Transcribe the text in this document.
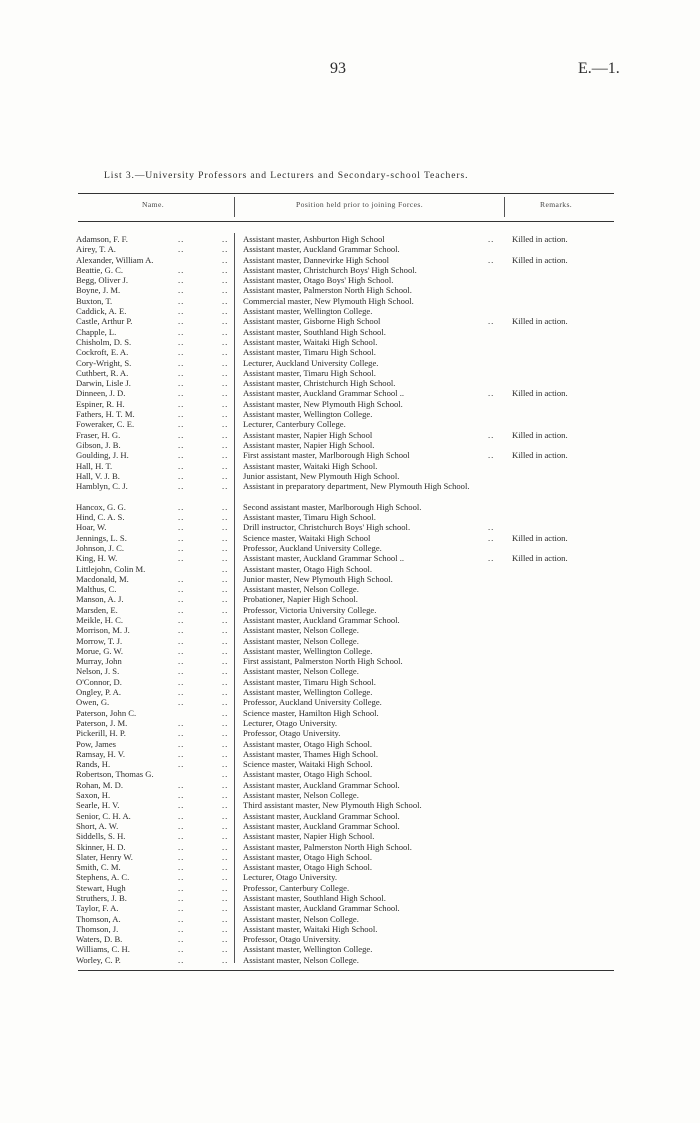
93	E.—1.
List 3.—University Professors and Lecturers and Secondary-school Teachers.
Name.	Position held prior to joining Forces.	Remarks.
Adamson, F. F.	..	.. Assistant master, Ashburton High School	.. Killed in action.
Airey, T. A.	..	.. Assistant master, Auckland Grammar School.
Alexander, William A.	.. Assistant master, Dannevirke High School	.. Killed in action.
Beattie, G. C.	..	.. Assistant master, Christchurch Boys' High School.
Begg, Oliver J.	..	.. Assistant master, Otago Boys' High School.
Boyne, J. M.	..	.. Assistant master, Palmerston North High School.
Buxton, T.	..	.. Commercial master, New Plymouth High School.
Caddick, A. E.	..	.. Assistant master, Wellington College.
Castle, Arthur P.	..	.. Assistant master, Gisborne High School	.. Killed in action.
Chapple, L.	..	.. Assistant master, Southland High School.
Chisholm, D. S.	..	.. Assistant master, Waitaki High School.
Cockroft, E. A.	..	.. Assistant master, Timaru High School.
Cory-Wright, S.	..	.. Lecturer, Auckland University College.
Cuthbert, R. A.	..	.. Assistant master, Timaru High School.
Darwin, Lisle J.	..	.. Assistant master, Christchurch High School.
Dinneen, J. D.	..	.. Assistant master, Auckland Grammar School ..	.. Killed in action.
Espiner, R. H.	..	.. Assistant master, New Plymouth High School.
Fathers, H. T. M.	..	.. Assistant master, Wellington College.
Foweraker, C. E.	..	.. Lecturer, Canterbury College.
Fraser, H. G.	..	.. Assistant master, Napier High School	.. Killed in action.
Gibson, J. B.	..	.. Assistant master, Napier High School.
Goulding, J. H.	..	.. First assistant master, Marlborough High School	.. Killed in action.
Hall, H. T.	..	.. Assistant master, Waitaki High School.
Hall, V. J. B.	..	.. Junior assistant, New Plymouth High School.
Hamblyn, C. J.	..	.. Assistant in preparatory department, New Plymouth High School.
Hancox, G. G.	..	.. Second assistant master, Marlborough High School.
Hind, C. A. S.	..	.. Assistant master, Timaru High School.
Hoar, W.	..	.. Drill instructor, Christchurch Boys' High school.	..
Jennings, L. S.	..	.. Science master, Waitaki High School	.. Killed in action.
Johnson, J. C.	..	.. Professor, Auckland University College.
King, H. W.	..	.. Assistant master, Auckland Grammar School ..	.. Killed in action.
Littlejohn, Colin M.	.. Assistant master, Otago High School.
Macdonald, M.	..	.. Junior master, New Plymouth High School.
Malthus, C.	..	.. Assistant master, Nelson College.
Manson, A. J.	..	.. Probationer, Napier High School.
Marsden, E.	..	.. Professor, Victoria University College.
Meikle, H. C.	..	.. Assistant master, Auckland Grammar School.
Morrison, M. J.	..	.. Assistant master, Nelson College.
Morrow, T. J.	..	.. Assistant master, Nelson College.
Morue, G. W.	..	.. Assistant master, Wellington College.
Murray, John	..	.. First assistant, Palmerston North High School.
Nelson, J. S.	..	.. Assistant master, Nelson College.
O'Connor, D.	..	.. Assistant master, Timaru High School.
Ongley, P. A.	..	.. Assistant master, Wellington College.
Owen, G.	..	.. Professor, Auckland University College.
Paterson, John C.	.. Science master, Hamilton High School.
Paterson, J. M.	..	.. Lecturer, Otago University.
Pickerill, H. P.	..	.. Professor, Otago University.
Pow, James	..	.. Assistant master, Otago High School.
Ramsay, H. V.	..	.. Assistant master, Thames High School.
Rands, H.	..	.. Science master, Waitaki High School.
Robertson, Thomas G.	.. Assistant master, Otago High School.
Rohan, M. D.	..	.. Assistant master, Auckland Grammar School.
Saxon, H.	..	.. Assistant master, Nelson College.
Searle, H. V.	..	.. Third assistant master, New Plymouth High School.
Senior, C. H. A.	..	.. Assistant master, Auckland Grammar School.
Short, A. W.	..	.. Assistant master, Auckland Grammar School.
Siddells, S. H.	..	.. Assistant master, Napier High School.
Skinner, H. D.	..	.. Assistant master, Palmerston North High School.
Slater, Henry W.	..	.. Assistant master, Otago High School.
Smith, C. M.	..	.. Assistant master, Otago High School.
Stephens, A. C.	..	.. Lecturer, Otago University.
Stewart, Hugh	..	.. Professor, Canterbury College.
Struthers, J. B.	..	.. Assistant master, Southland High School.
Taylor, F. A.	..	.. Assistant master, Auckland Grammar School.
Thomson, A.	..	.. Assistant master, Nelson College.
Thomson, J.	..	.. Assistant master, Waitaki High School.
Waters, D. B.	..	.. Professor, Otago University.
Williams, C. H.	..	.. Assistant master, Wellington College.
Worley, C. P.	..	.. Assistant master, Nelson College.
